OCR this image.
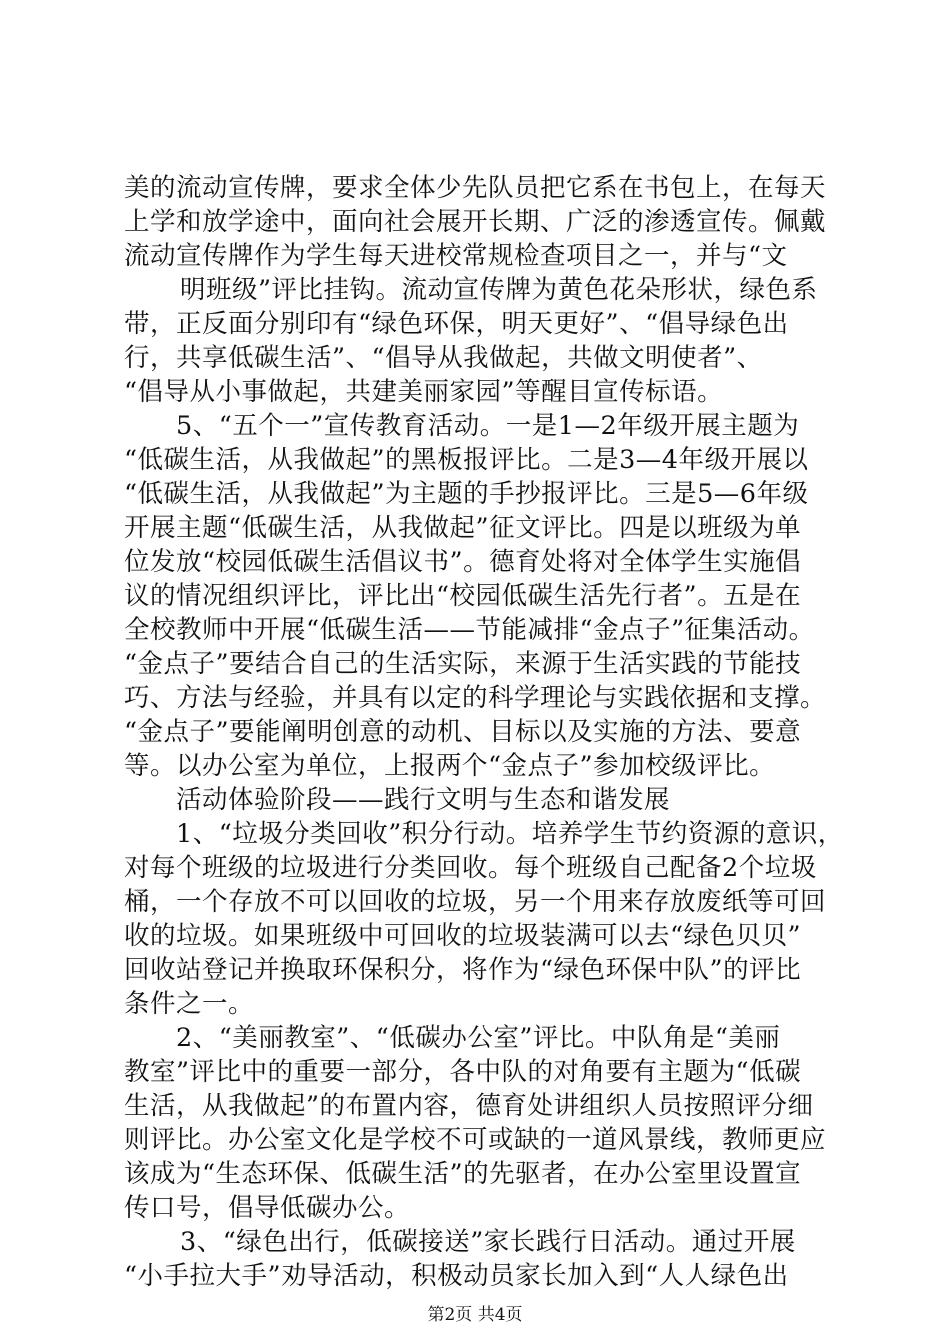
美的流动宣传牌，要求全体少先队员把它系在书包上，在每天
上学和放学途中，面向社会展开长期、广泛的渗透宣传。佩戴
流动宣传牌作为学生每天进校常规检查项目之一，并与“文
明班级”评比挂钩。流动宣传牌为黄色花朵形状，绿色系
带，正反面分别印有“绿色环保，明天更好”、“倡导绿色出
行，共享低碳生活”、“倡导从我做起，共做文明使者”、
“倡导从小事做起，共建美丽家园”等醒目宣传标语。
5、“五个一”宣传教育活动。一是1—2年级开展主题为
“低碳生活，从我做起”的黑板报评比。二是3—4年级开展以
“低碳生活，从我做起”为主题的手抄报评比。三是5—6年级
开展主题“低碳生活，从我做起”征文评比。四是以班级为单
位发放“校园低碳生活倡议书”。德育处将对全体学生实施倡
议的情况组织评比，评比出“校园低碳生活先行者”。五是在
全校教师中开展“低碳生活——节能减排“金点子”征集活动。
“金点子”要结合自己的生活实际，来源于生活实践的节能技
巧、方法与经验，并具有以定的科学理论与实践依据和支撑。
“金点子”要能阐明创意的动机、目标以及实施的方法、要意
等。以办公室为单位，上报两个“金点子”参加校级评比。
活动体验阶段——践行文明与生态和谐发展
1、“垃圾分类回收”积分行动。培养学生节约资源的意识，
对每个班级的垃圾进行分类回收。每个班级自己配备2个垃圾
桶，一个存放不可以回收的垃圾，另一个用来存放废纸等可回
收的垃圾。如果班级中可回收的垃圾装满可以去“绿色贝贝”
回收站登记并换取环保积分，将作为“绿色环保中队”的评比
条件之一。
2、“美丽教室”、“低碳办公室”评比。中队角是“美丽
教室”评比中的重要一部分，各中队的对角要有主题为“低碳
生活，从我做起”的布置内容，德育处讲组织人员按照评分细
则评比。办公室文化是学校不可或缺的一道风景线，教师更应
该成为“生态环保、低碳生活”的先驱者，在办公室里设置宣
传口号，倡导低碳办公。
3、“绿色出行，低碳接送”家长践行日活动。通过开展
第2页 共4页
“小手拉大手”劝导活动，积极动员家长加入到“人人绿色出
